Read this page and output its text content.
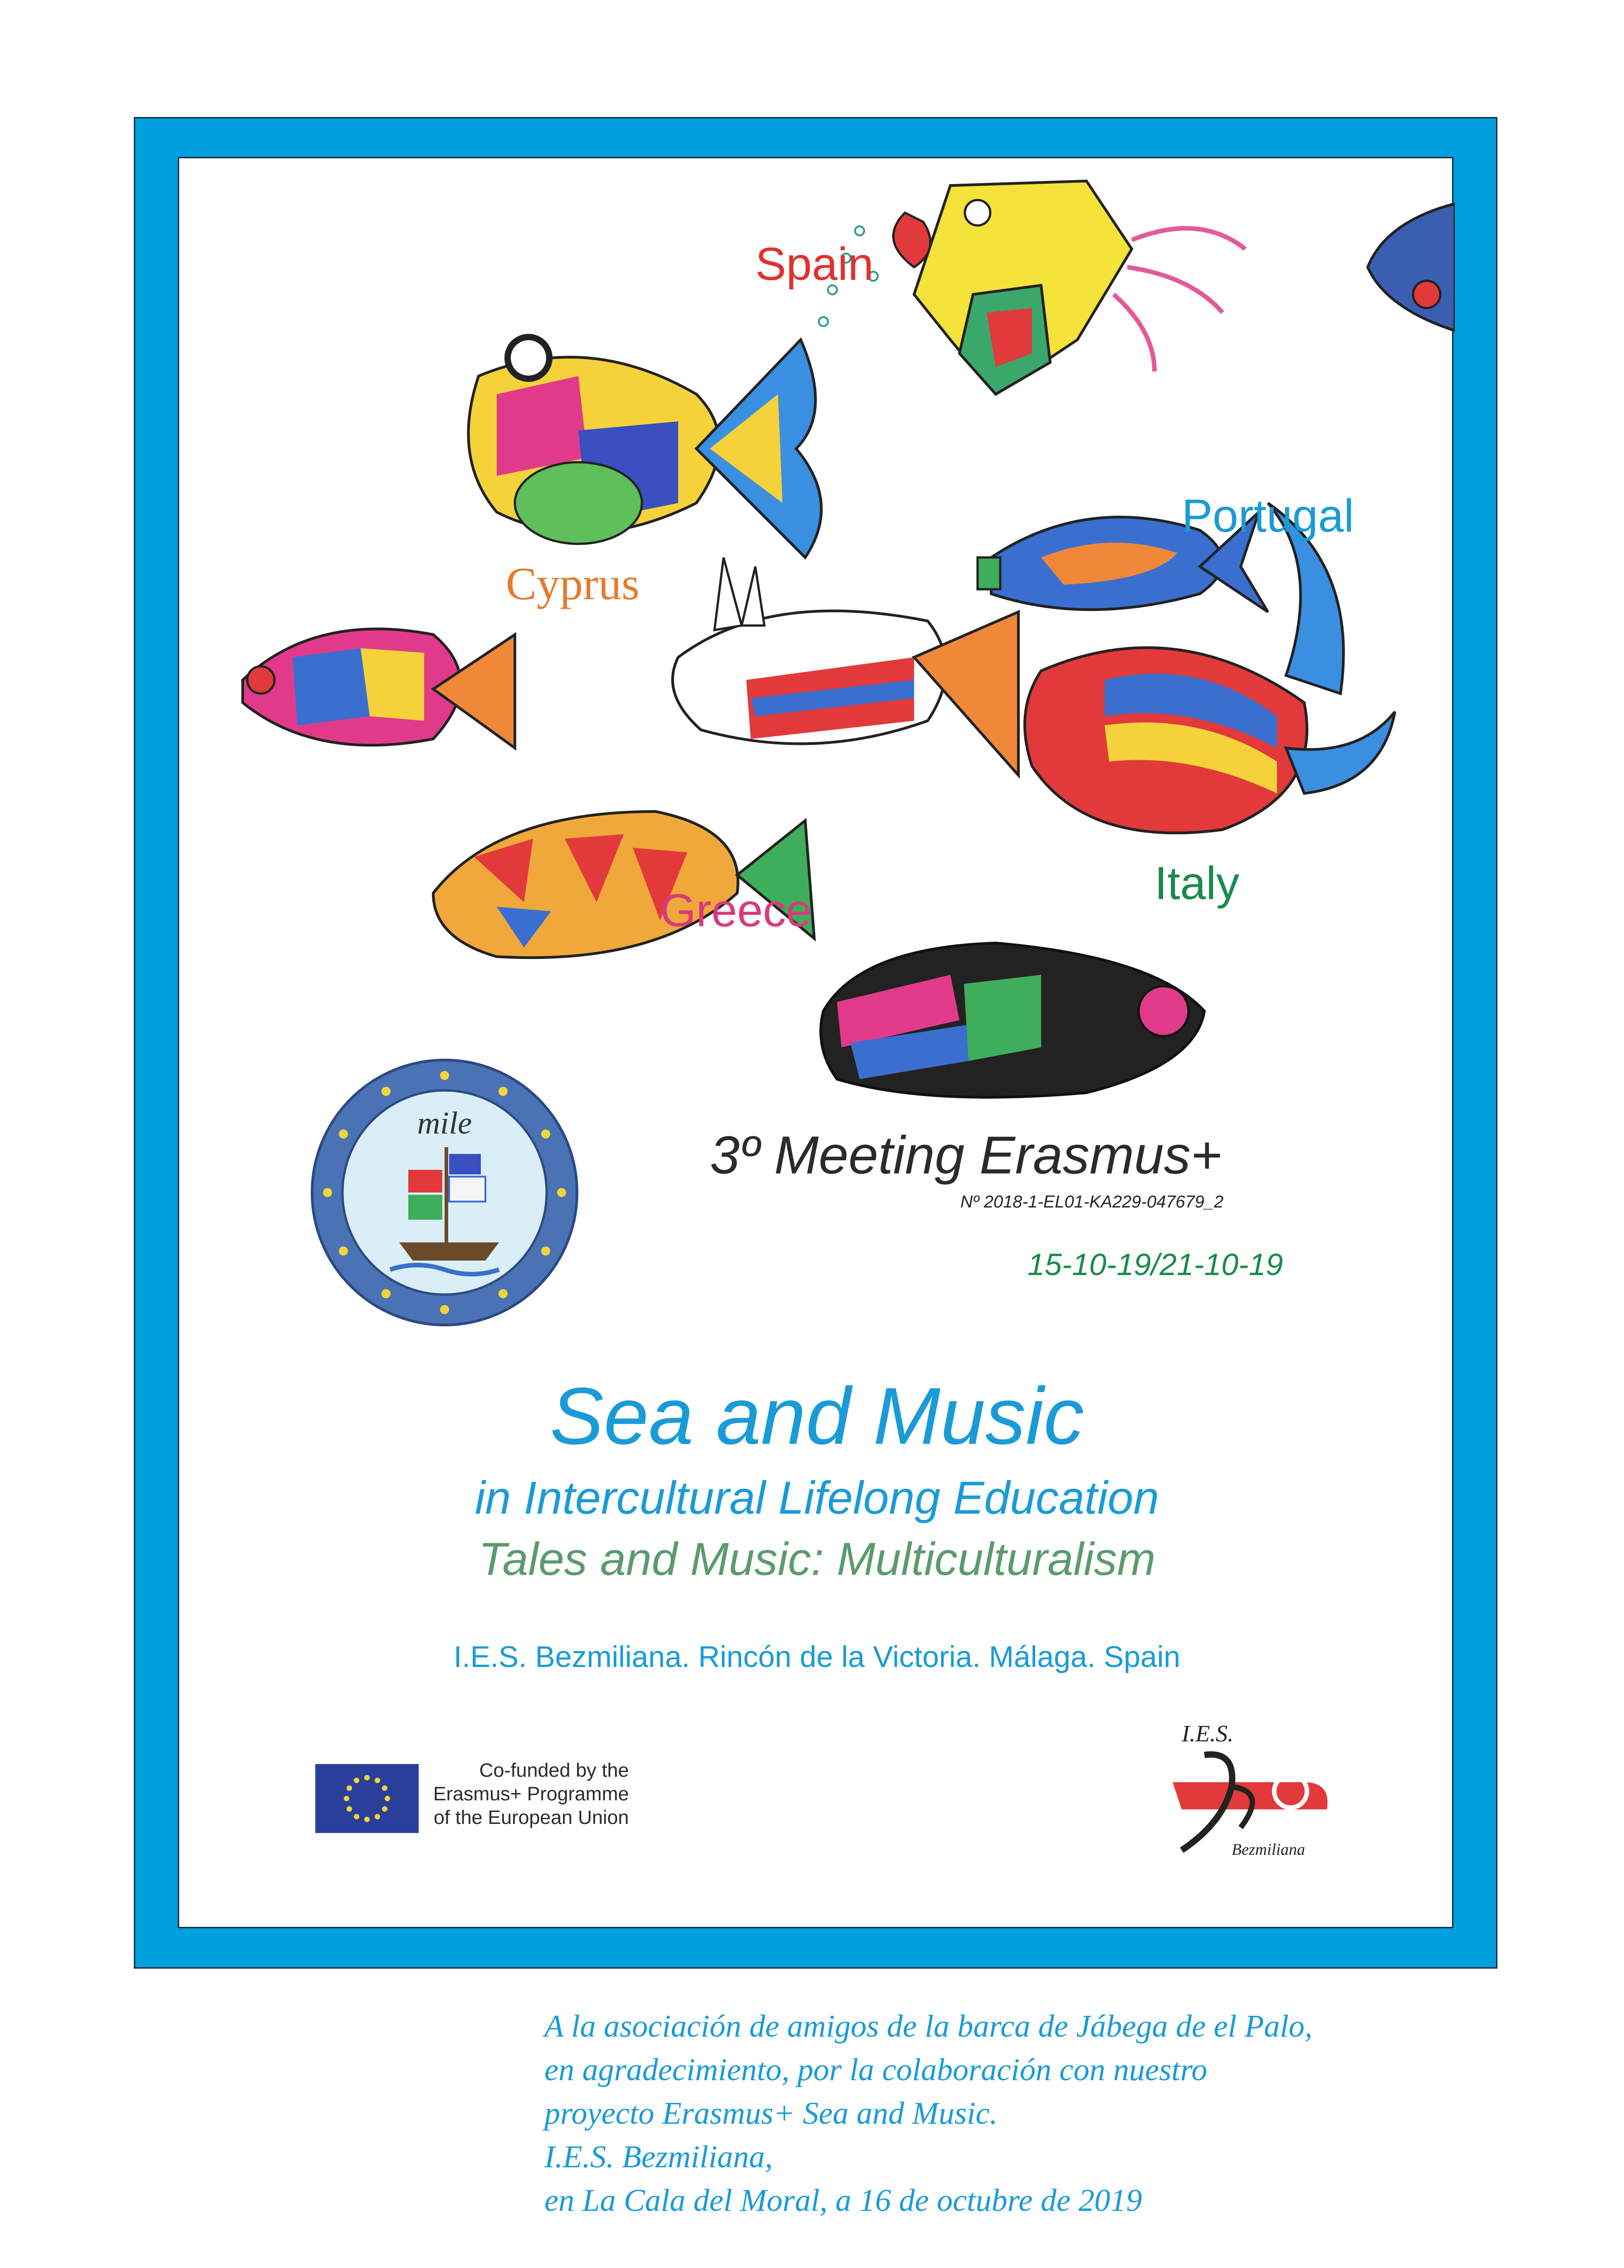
Spain
Portugal
Cyprus
Greece
Italy
mile
3º Meeting Erasmus+
Nº 2018-1-EL01-KA229-047679_2
15-10-19/21-10-19
Sea and Music
in Intercultural Lifelong Education
Tales and Music: Multiculturalism
I.E.S. Bezmiliana. Rincón de la Victoria. Málaga. Spain
Co-funded by the
Erasmus+ Programme
of the European Union
I.E.S.
Bezmiliana
A la asociación de amigos de la barca de Jábega de el Palo,
en agradecimiento, por la colaboración con nuestro
proyecto Erasmus+ Sea and Music.
I.E.S. Bezmiliana,
en La Cala del Moral, a 16 de octubre de 2019
